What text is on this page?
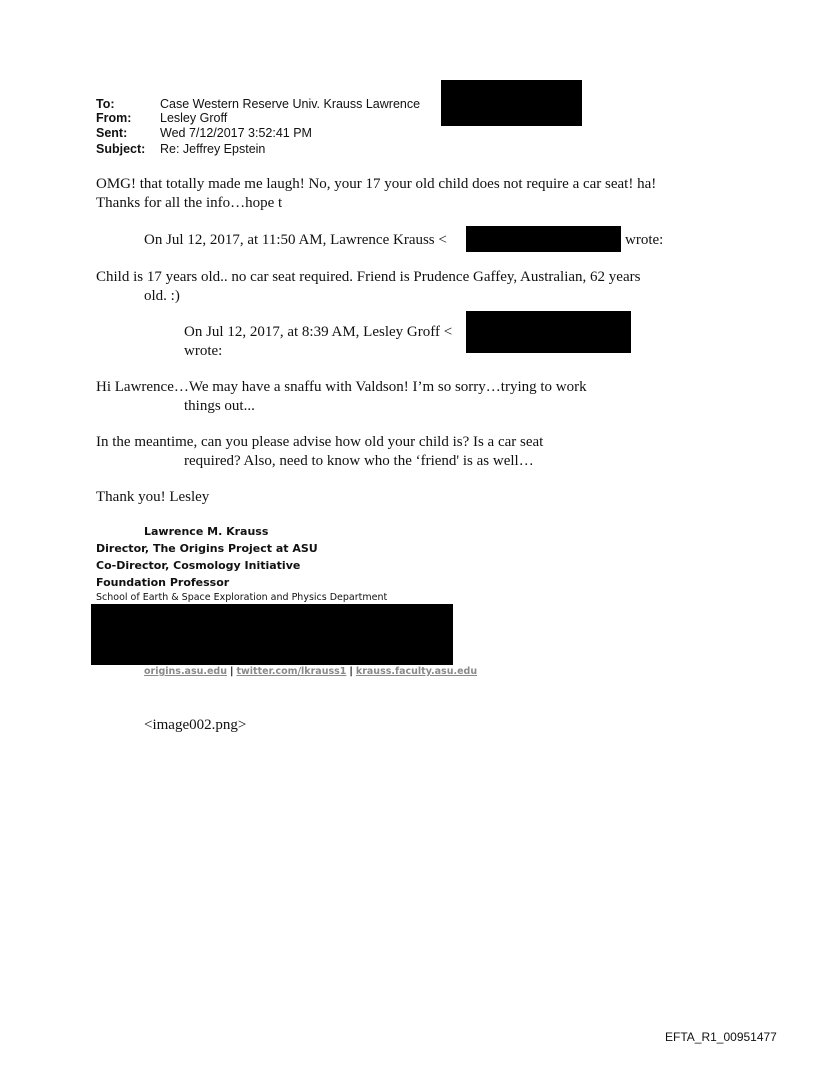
To:	Case Western Reserve Univ. Krauss Lawrence
From: Lesley Groff
Sent:	Wed 7/12/2017 3:52:41 PM
Subject: Re: Jeffrey Epstein
OMG! that totally made me laugh! No, your 17 your old child does not require a car seat! ha!
Thanks for all the info…hope t
On Jul 12, 2017, at 11:50 AM, Lawrence Krauss <	wrote:
Child is 17 years old.. no car seat required. Friend is Prudence Gaffey, Australian, 62 years
old. :)
On Jul 12, 2017, at 8:39 AM, Lesley Groff <
wrote:
Hi Lawrence…We may have a snaffu with Valdson! I’m so sorry…trying to work
things out...
In the meantime, can you please advise how old your child is? Is a car seat
required? Also, need to know who the ‘friend' is as well…
Thank you! Lesley
Lawrence M. Krauss
Director, The Origins Project at ASU
Co-Director, Cosmology Initiative
Foundation Professor
School of Earth & Space Exploration and Physics Department
origins.asu.edu | twitter.com/lkrauss1 | krauss.faculty.asu.edu
<image002.png>
EFTA_R1_00951477
